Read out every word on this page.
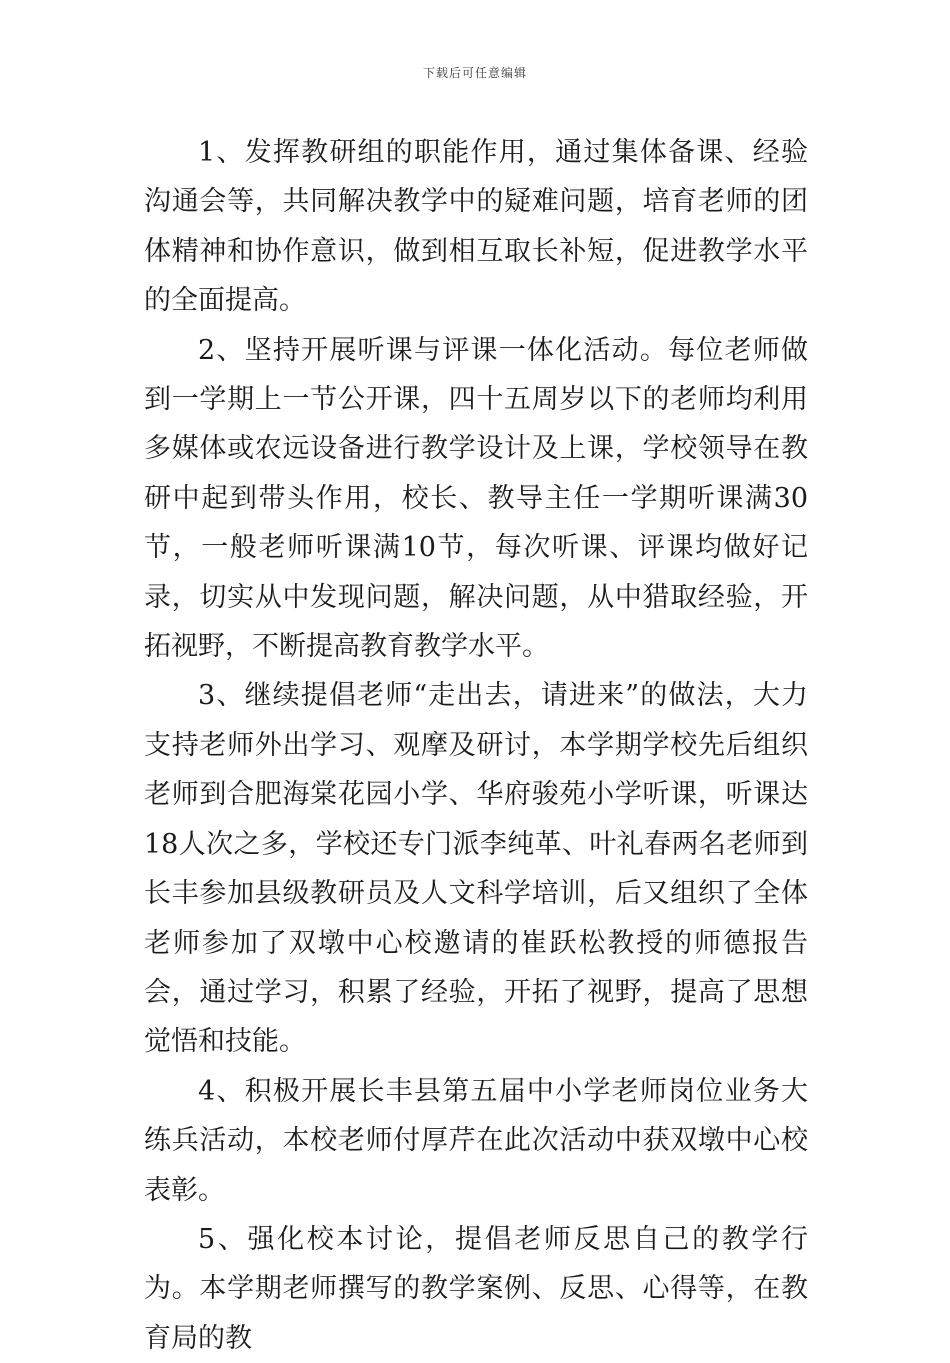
下载后可任意编辑

1、发挥教研组的职能作用，通过集体备课、经验沟通会等，共同解决教学中的疑难问题，培育老师的团体精神和协作意识，做到相互取长补短，促进教学水平的全面提高。

2、坚持开展听课与评课一体化活动。每位老师做到一学期上一节公开课，四十五周岁以下的老师均利用多媒体或农远设备进行教学设计及上课，学校领导在教研中起到带头作用，校长、教导主任一学期听课满30节，一般老师听课满10节，每次听课、评课均做好记录，切实从中发现问题，解决问题，从中猎取经验，开拓视野，不断提高教育教学水平。

3、继续提倡老师“走出去，请进来”的做法，大力支持老师外出学习、观摩及研讨，本学期学校先后组织老师到合肥海棠花园小学、华府骏苑小学听课，听课达18人次之多，学校还专门派李纯革、叶礼春两名老师到长丰参加县级教研员及人文科学培训，后又组织了全体老师参加了双墩中心校邀请的崔跃松教授的师德报告会，通过学习，积累了经验，开拓了视野，提高了思想觉悟和技能。

4、积极开展长丰县第五届中小学老师岗位业务大练兵活动，本校老师付厚芹在此次活动中获双墩中心校表彰。

5、强化校本讨论，提倡老师反思自己的教学行为。本学期老师撰写的教学案例、反思、心得等，在教育局的教
